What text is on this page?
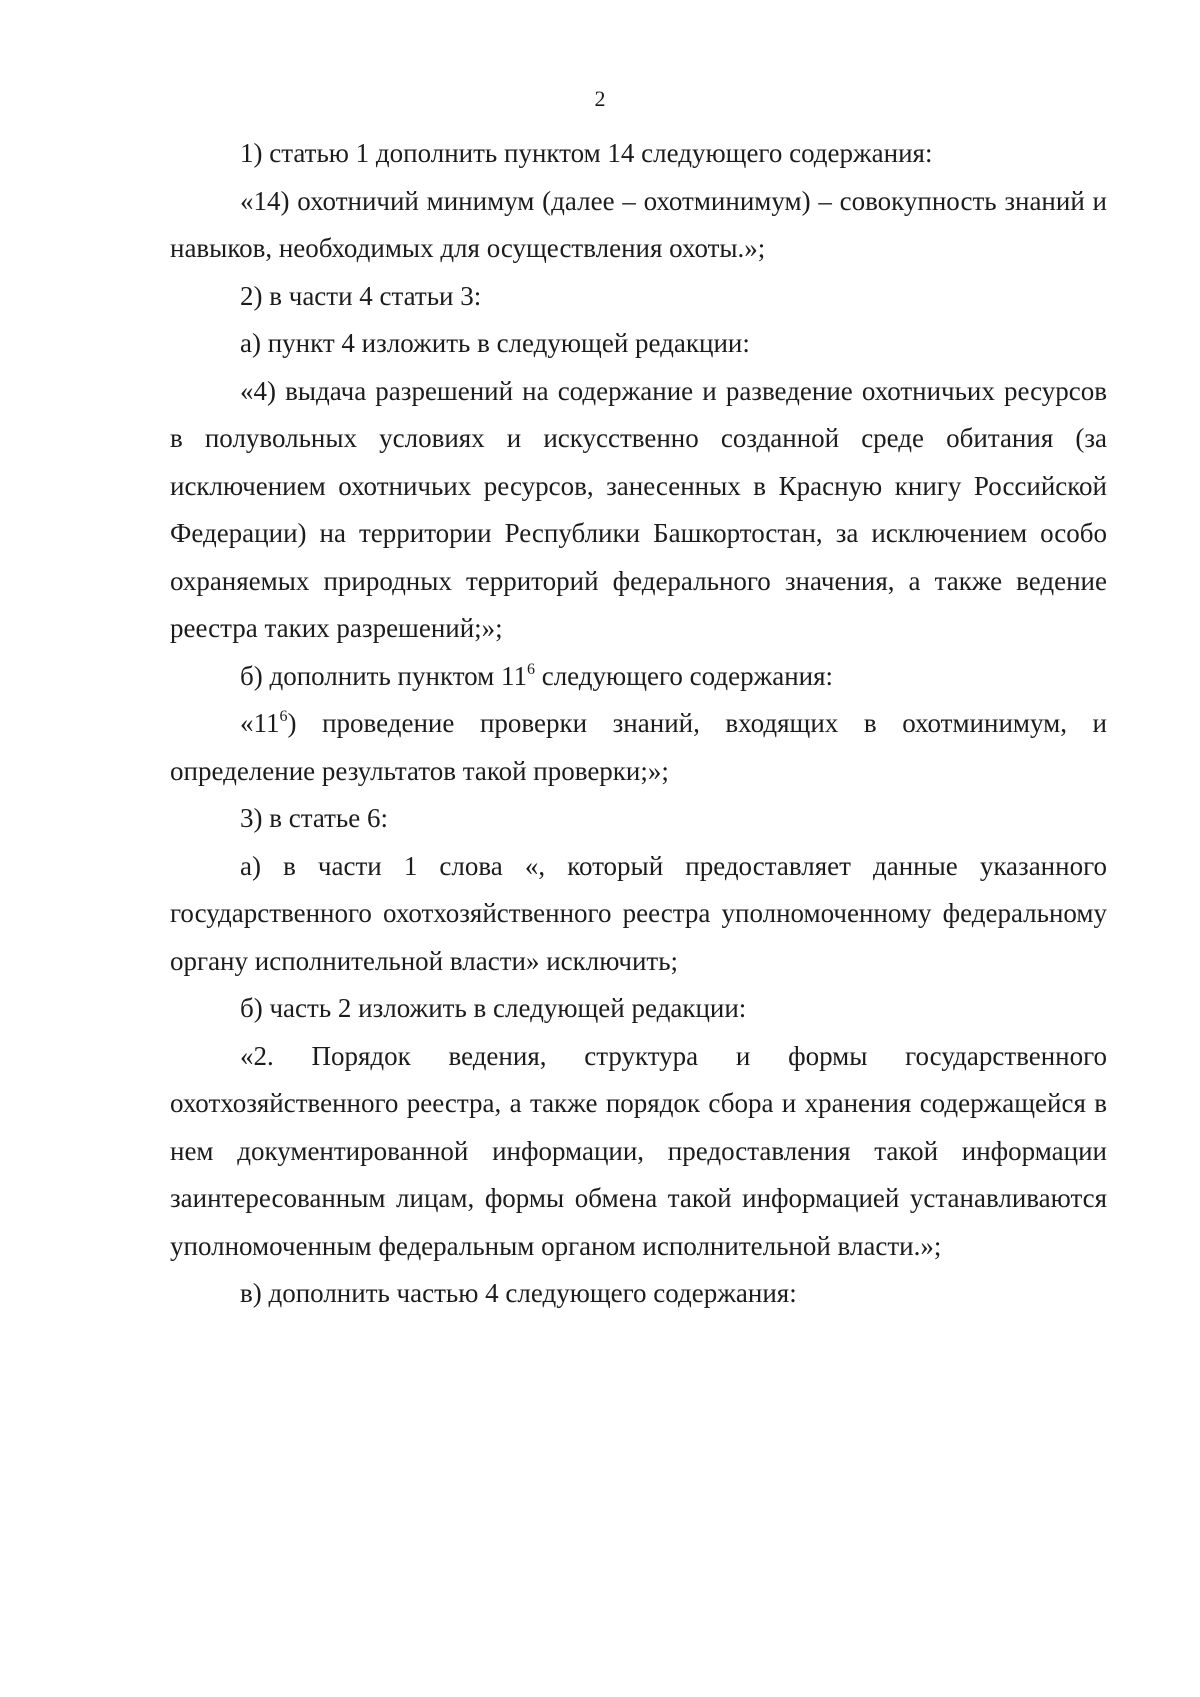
2

1) статью 1 дополнить пунктом 14 следующего содержания:

«14) охотничий минимум (далее – охотминимум) – совокупность знаний и навыков, необходимых для осуществления охоты.»;

2) в части 4 статьи 3:

а) пункт 4 изложить в следующей редакции:

«4) выдача разрешений на содержание и разведение охотничьих ресурсов в полувольных условиях и искусственно созданной среде обитания (за исключением охотничьих ресурсов, занесенных в Красную книгу Российской Федерации) на территории Республики Башкортостан, за исключением особо охраняемых природных территорий федерального значения, а также ведение реестра таких разрешений;»;

б) дополнить пунктом $11^6$ следующего содержания:

«$11^6$) проведение проверки знаний, входящих в охотминимум, и определение результатов такой проверки;»;

3) в статье 6:

а) в части 1 слова «, который предоставляет данные указанного государственного охотхозяйственного реестра уполномоченному федеральному органу исполнительной власти» исключить;

б) часть 2 изложить в следующей редакции:

«2. Порядок ведения, структура и формы государственного охотхозяйственного реестра, а также порядок сбора и хранения содержащейся в нем документированной информации, предоставления такой информации заинтересованным лицам, формы обмена такой информацией устанавливаются уполномоченным федеральным органом исполнительной власти.»;

в) дополнить частью 4 следующего содержания:
